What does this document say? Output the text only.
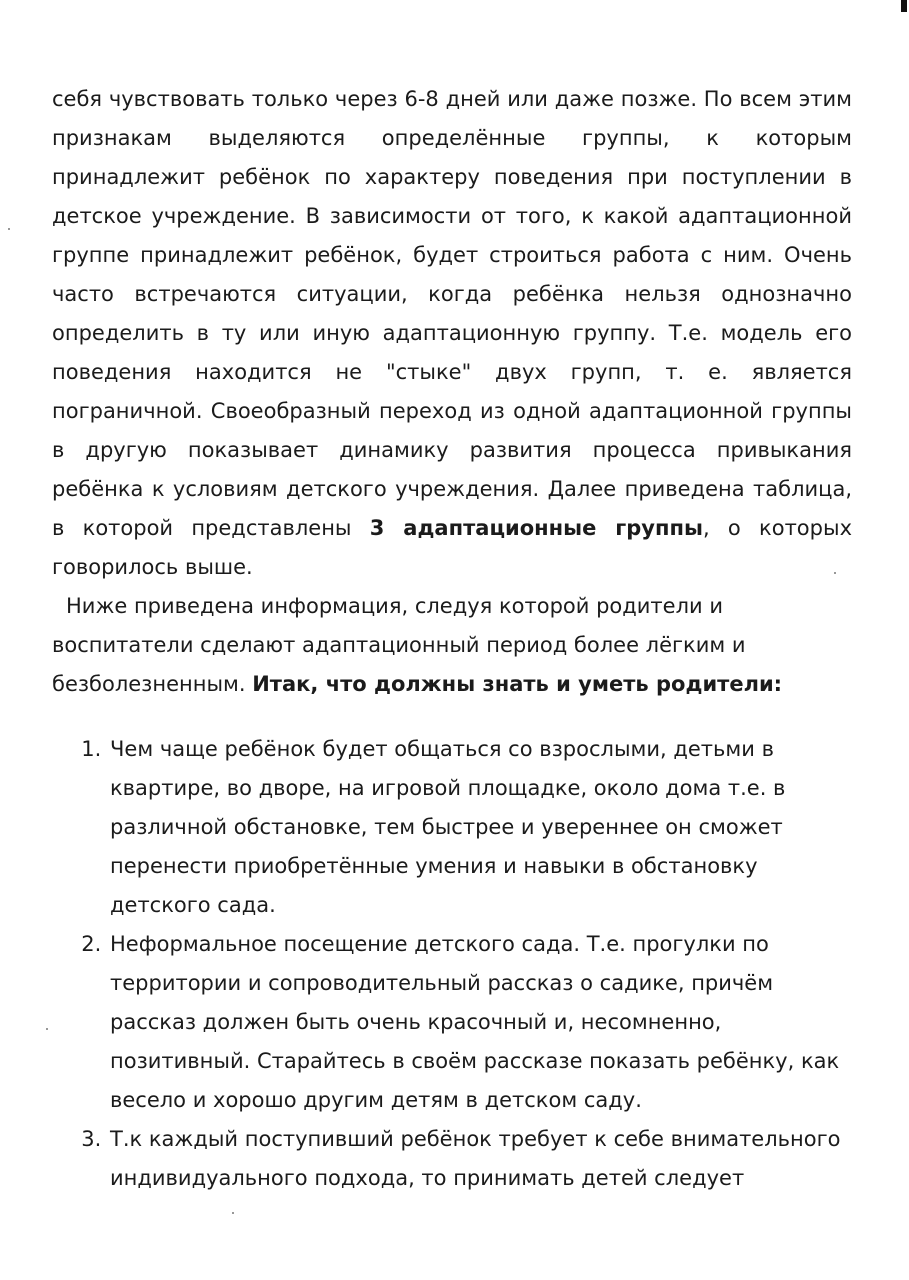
себя чувствовать только через 6-8 дней или даже позже. По всем этим признакам выделяются определённые группы, к которым принадлежит ребёнок по характеру поведения при поступлении в детское учреждение. В зависимости от того, к какой адаптационной группе принадлежит ребёнок, будет строиться работа с ним. Очень часто встречаются ситуации, когда ребёнка нельзя однозначно определить в ту или иную адаптационную группу. Т.е. модель его поведения находится не "стыке" двух групп, т. е. является пограничной. Своеобразный переход из одной адаптационной группы в другую показывает динамику развития процесса привыкания ребёнка к условиям детского учреждения. Далее приведена таблица, в которой представлены 3 адаптационные группы, о которых говорилось выше.

Ниже приведена информация, следуя которой родители и воспитатели сделают адаптационный период более лёгким и безболезненным. Итак, что должны знать и уметь родители:

1. Чем чаще ребёнок будет общаться со взрослыми, детьми в квартире, во дворе, на игровой площадке, около дома т.е. в различной обстановке, тем быстрее и увереннее он сможет перенести приобретённые умения и навыки в обстановку детского сада.
2. Неформальное посещение детского сада. Т.е. прогулки по территории и сопроводительный рассказ о садике, причём рассказ должен быть очень красочный и, несомненно, позитивный. Старайтесь в своём рассказе показать ребёнку, как весело и хорошо другим детям в детском саду.
3. Т.к каждый поступивший ребёнок требует к себе внимательного индивидуального подхода, то принимать детей следует
